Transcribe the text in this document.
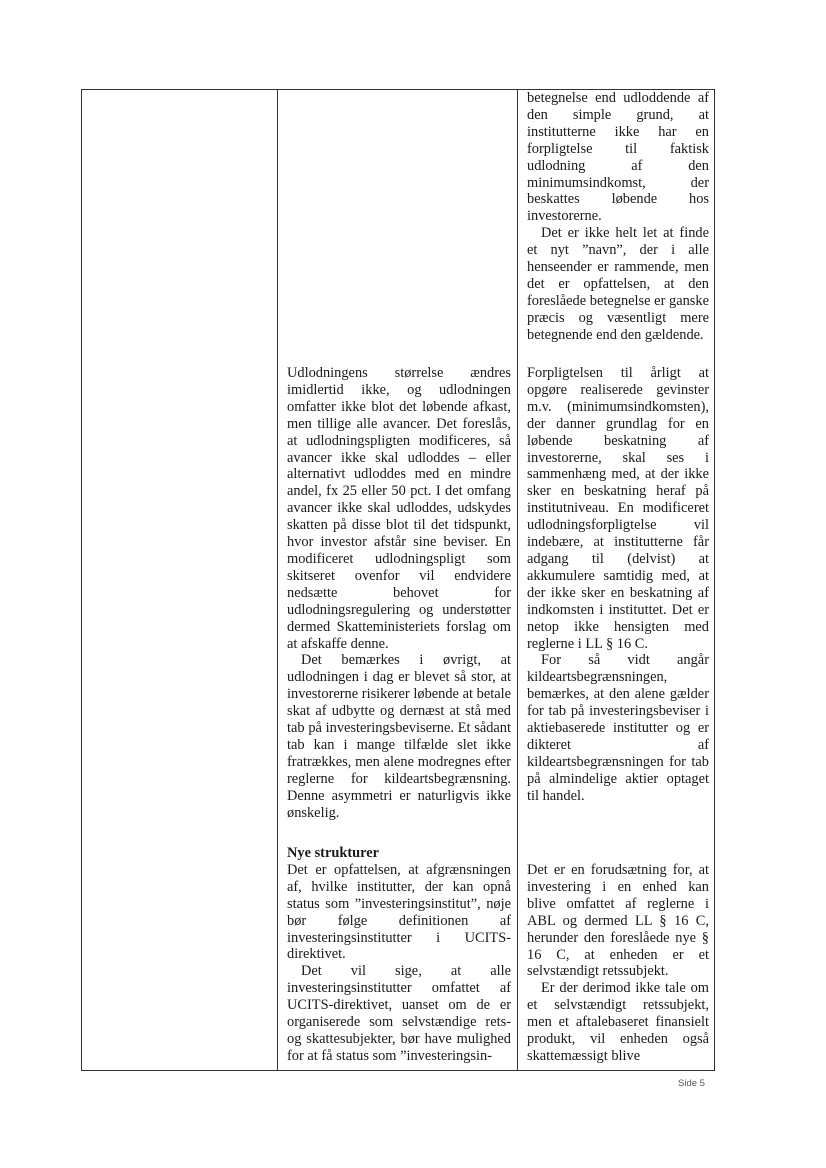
betegnelse end udloddende af den simple grund, at institutterne ikke har en forpligtelse til faktisk udlodning af den minimumsindkomst, der beskattes løbende hos investorerne.

Det er ikke helt let at finde et nyt ”navn”, der i alle henseender er rammende, men det er opfattelsen, at den foreslåede betegnelse er ganske præcis og væsentligt mere betegnende end den gældende.

Udlodningens størrelse ændres imidlertid ikke, og udlodningen omfatter ikke blot det løbende afkast, men tillige alle avancer. Det foreslås, at udlodningspligten modificeres, så avancer ikke skal udloddes – eller alternativt udloddes med en mindre andel, fx 25 eller 50 pct. I det omfang avancer ikke skal udloddes, udskydes skatten på disse blot til det tidspunkt, hvor investor afstår sine beviser. En modificeret udlodningspligt som skitseret ovenfor vil endvidere nedsætte behovet for udlodningsregulering og understøtter dermed Skatteministeriets forslag om at afskaffe denne.

Det bemærkes i øvrigt, at udlodningen i dag er blevet så stor, at investorerne risikerer løbende at betale skat af udbytte og dernæst at stå med tab på investeringsbeviserne. Et sådant tab kan i mange tilfælde slet ikke fratrækkes, men alene modregnes efter reglerne for kildeartsbegrænsning. Denne asymmetri er naturligvis ikke ønskelig.

Forpligtelsen til årligt at opgøre realiserede gevinster m.v. (minimumsindkomsten), der danner grundlag for en løbende beskatning af investorerne, skal ses i sammenhæng med, at der ikke sker en beskatning heraf på institutniveau. En modificeret udlodningsforpligtelse vil indebære, at institutterne får adgang til (delvist) at akkumulere samtidig med, at der ikke sker en beskatning af indkomsten i instituttet. Det er netop ikke hensigten med reglerne i LL § 16 C.

For så vidt angår kildeartsbegrænsningen, bemærkes, at den alene gælder for tab på investeringsbeviser i aktiebaserede institutter og er dikteret af kildeartsbegrænsningen for tab på almindelige aktier optaget til handel.

Nye strukturer

Det er opfattelsen, at afgrænsningen af, hvilke institutter, der kan opnå status som ”investeringsinstitut”, nøje bør følge definitionen af investeringsinstitutter i UCITS-direktivet.

Det vil sige, at alle investeringsinstitutter omfattet af UCITS-direktivet, uanset om de er organiserede som selvstændige rets- og skattesubjekter, bør have mulighed for at få status som ”investeringsin-

Det er en forudsætning for, at investering i en enhed kan blive omfattet af reglerne i ABL og dermed LL § 16 C, herunder den foreslåede nye § 16 C, at enheden er et selvstændigt retssubjekt.

Er der derimod ikke tale om et selvstændigt retssubjekt, men et aftalebaseret finansielt produkt, vil enheden også skattemæssigt blive

Side 5
